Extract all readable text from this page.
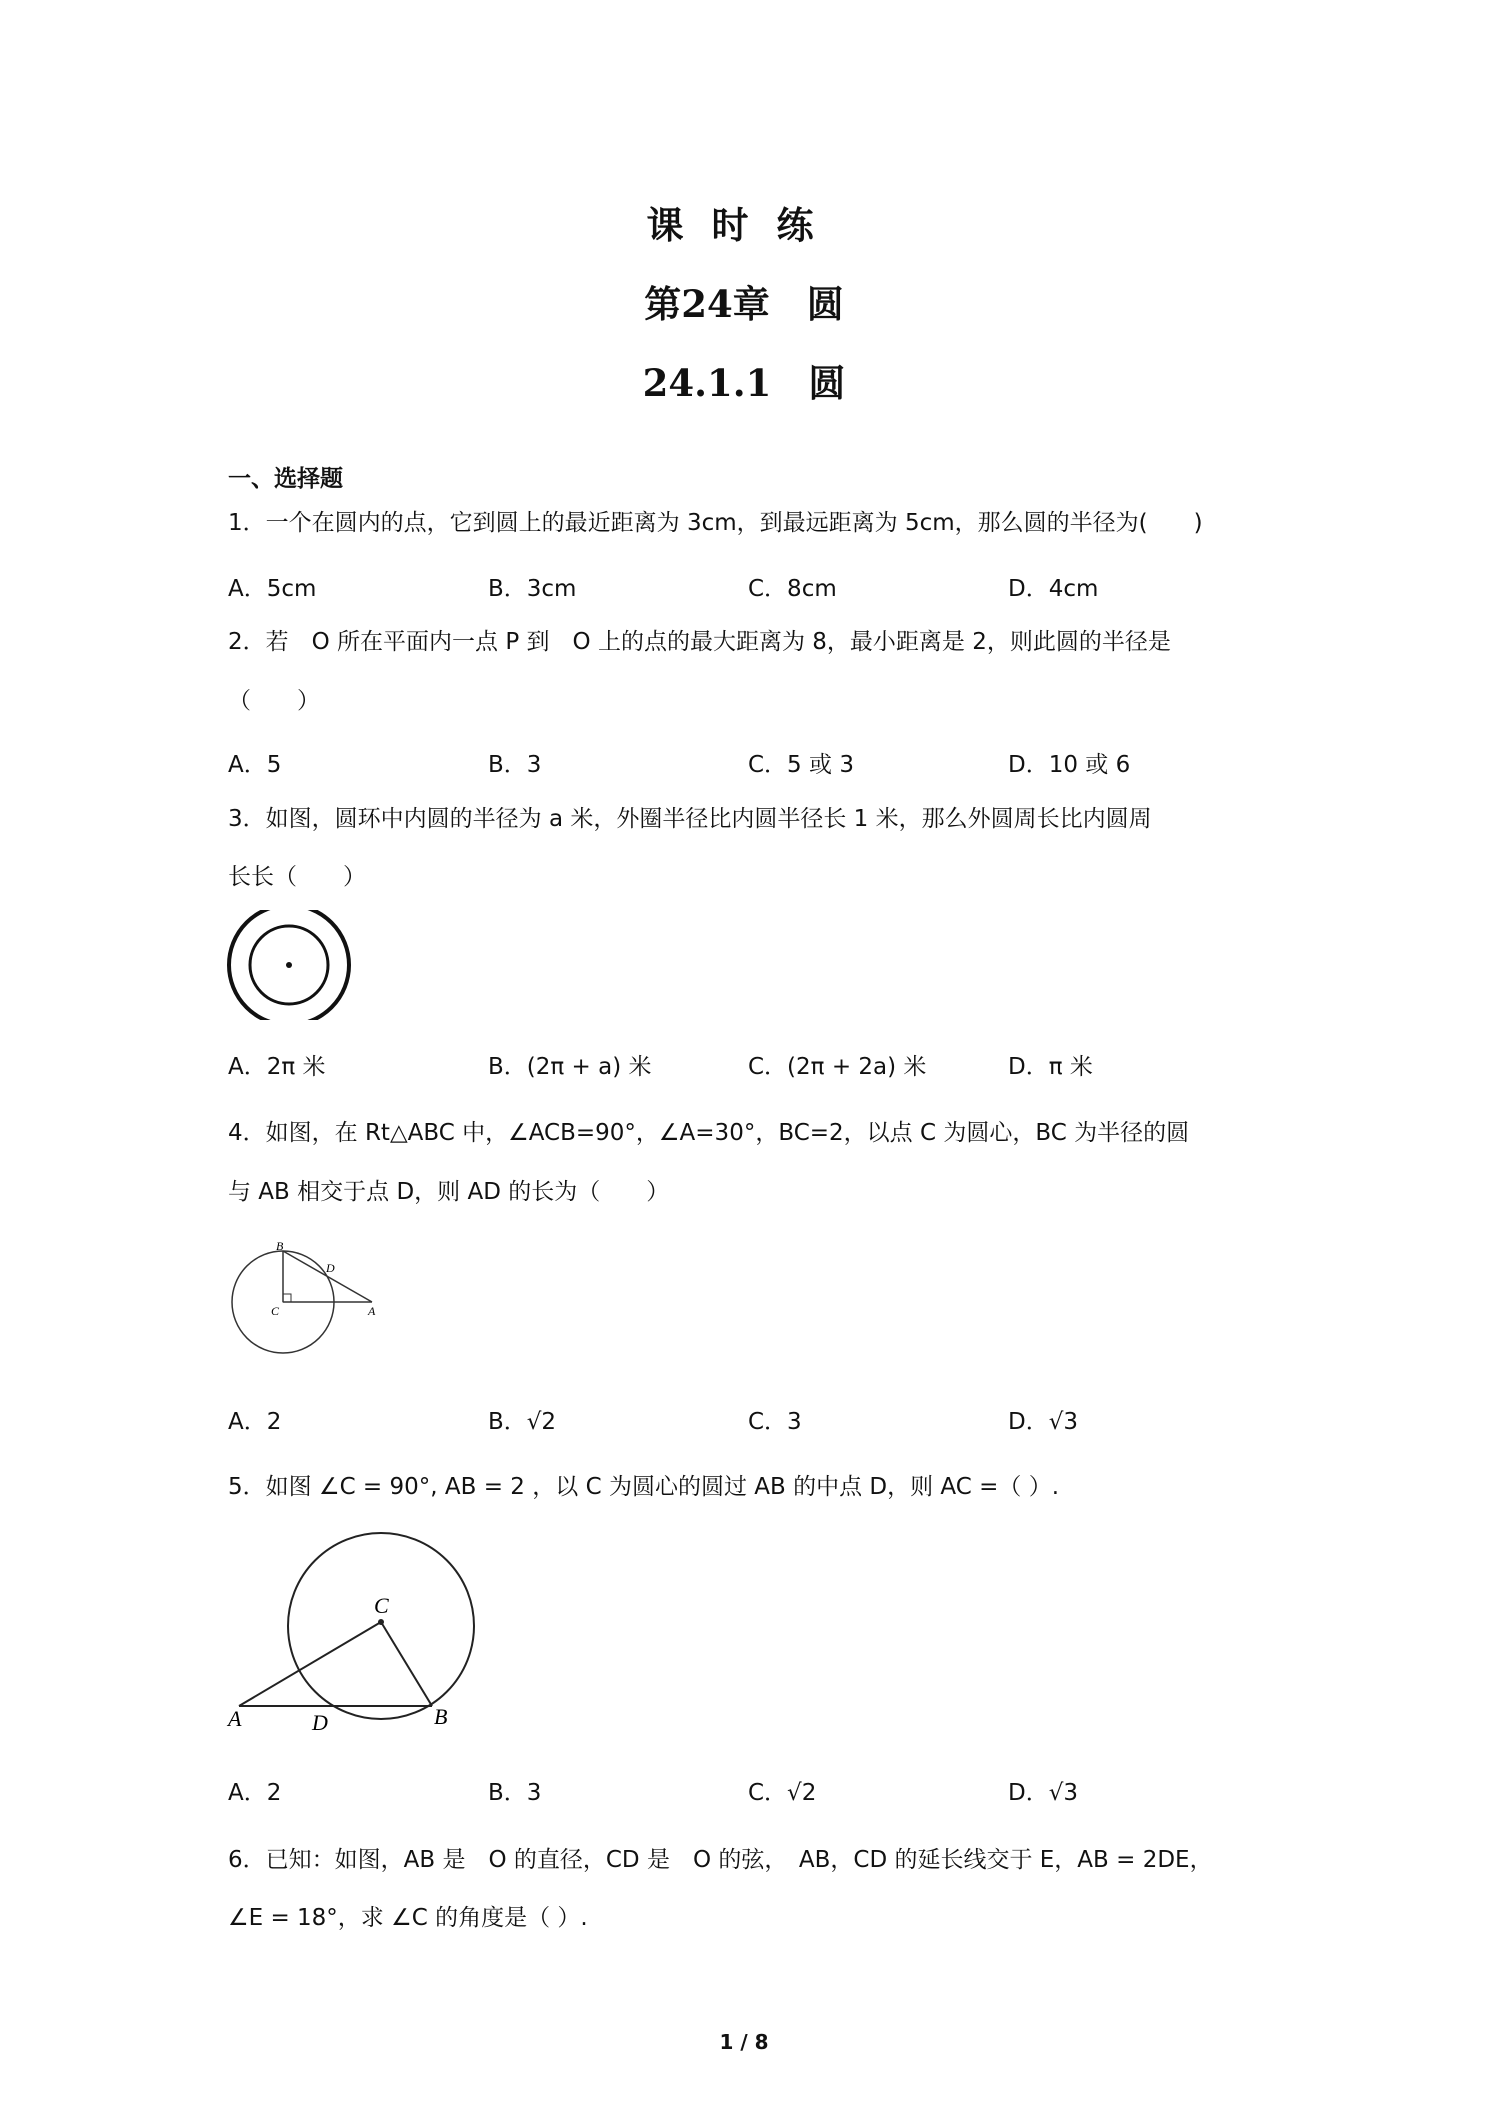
课时练
第24章　圆
24.1.1　圆
一、选择题
1．一个在圆内的点，它到圆上的最近距离为 3cm，到最远距离为 5cm，那么圆的半径为(　　)
A．5cm	B．3cm	C．8cm	D．4cm
2．若　O 所在平面内一点 P 到　O 上的点的最大距离为 8，最小距离是 2，则此圆的半径是
（　　）
A．5	B．3	C．5 或 3	D．10 或 6
3．如图，圆环中内圆的半径为 a 米，外圈半径比内圆半径长 1 米，那么外圆周长比内圆周
长长（　　）
A．2π 米	B．(2π + a) 米	C．(2π + 2a) 米	D．π 米
4．如图，在 Rt△ABC 中，∠ACB=90°，∠A=30°，BC=2，以点 C 为圆心，BC 为半径的圆
与 AB 相交于点 D，则 AD 的长为（　　）
B
D
C	A
A．2	B．√2	C．3	D．√3
5．如图 ∠C = 90°, AB = 2 ，以 C 为圆心的圆过 AB 的中点 D，则 AC =（ ）.
C
A	D	B
A．2	B．3	C．√2	D．√3
6．已知：如图，AB 是　O 的直径，CD 是　O 的弦，　AB，CD 的延长线交于 E，AB = 2DE，
∠E = 18°，求 ∠C 的角度是（ ）.
1 / 8
